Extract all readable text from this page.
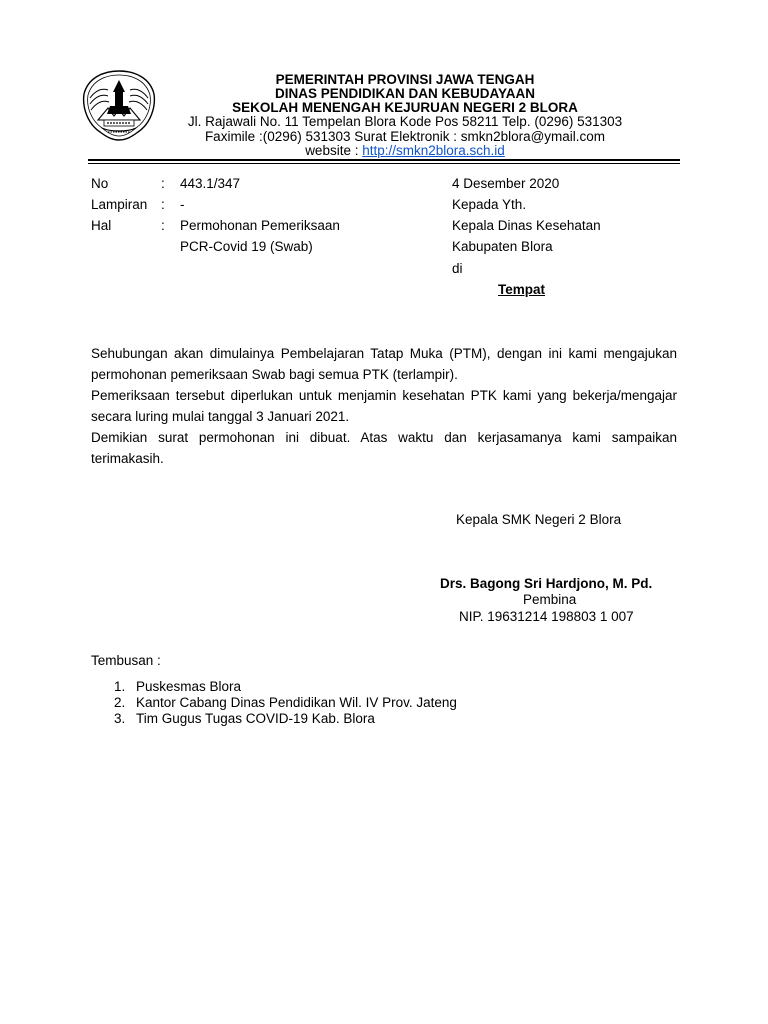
PEMERINTAH PROVINSI JAWA TENGAH
DINAS PENDIDIKAN DAN KEBUDAYAAN
SEKOLAH MENENGAH KEJURUAN NEGERI 2 BLORA
Jl. Rajawali No. 11 Tempelan Blora Kode Pos 58211 Telp. (0296) 531303
Faximile :(0296) 531303 Surat Elektronik : smkn2blora@ymail.com
website : http://smkn2blora.sch.id
No	: 443.1/347
Lampiran : -
Hal	: Permohonan Pemeriksaan
PCR-Covid 19 (Swab)
4 Desember 2020
Kepada Yth.
Kepala Dinas Kesehatan
Kabupaten Blora
di
Tempat
Sehubungan akan dimulainya Pembelajaran Tatap Muka (PTM), dengan ini kami mengajukan permohonan pemeriksaan Swab bagi semua PTK (terlampir).
Pemeriksaan tersebut diperlukan untuk menjamin kesehatan PTK kami yang bekerja/mengajar secara luring mulai tanggal 3 Januari 2021.
Demikian surat permohonan ini dibuat. Atas waktu dan kerjasamanya kami sampaikan terimakasih.
Kepala SMK Negeri 2 Blora
Drs. Bagong Sri Hardjono, M. Pd.
Pembina
NIP. 19631214 198803 1 007
Tembusan :
1. Puskesmas Blora
2. Kantor Cabang Dinas Pendidikan Wil. IV Prov. Jateng
3. Tim Gugus Tugas COVID-19 Kab. Blora
